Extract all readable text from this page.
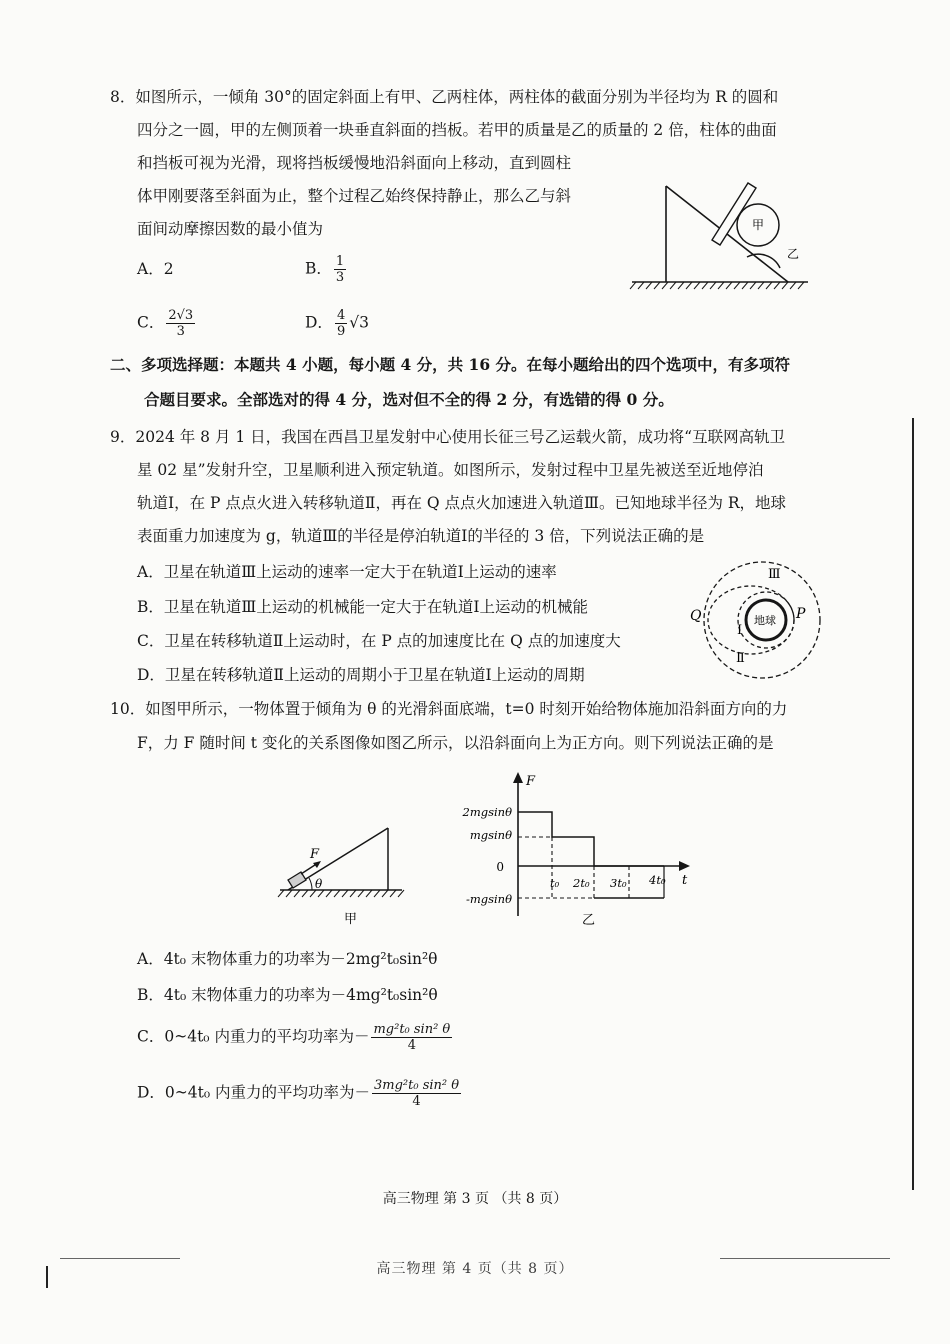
8．如图所示，一倾角 30°的固定斜面上有甲、乙两柱体，两柱体的截面分别为半径均为 R 的圆和
四分之一圆，甲的左侧顶着一块垂直斜面的挡板。若甲的质量是乙的质量的 2 倍，柱体的曲面
和挡板可视为光滑，现将挡板缓慢地沿斜面向上移动，直到圆柱
体甲刚要落至斜面为止，整个过程乙始终保持静止，那么乙与斜
面间动摩擦因数的最小值为
A．2	B． $\frac{1}{3}$
C． $\frac{2√3}{3}$	D． $\frac{4}{9} √3$
甲
乙
二、多项选择题：本题共 4 小题，每小题 4 分，共 16 分。在每小题给出的四个选项中，有多项符
合题目要求。全部选对的得 4 分，选对但不全的得 2 分，有选错的得 0 分。
9．2024 年 8 月 1 日，我国在西昌卫星发射中心使用长征三号乙运载火箭，成功将“互联网高轨卫
星 02 星”发射升空，卫星顺利进入预定轨道。如图所示，发射过程中卫星先被送至近地停泊
轨道Ⅰ，在 P 点点火进入转移轨道Ⅱ，再在 Q 点点火加速进入轨道Ⅲ。已知地球半径为 R，地球
表面重力加速度为 g，轨道Ⅲ的半径是停泊轨道Ⅰ的半径的 3 倍，下列说法正确的是
A．卫星在轨道Ⅲ上运动的速率一定大于在轨道Ⅰ上运动的速率
B．卫星在轨道Ⅲ上运动的机械能一定大于在轨道Ⅰ上运动的机械能
C．卫星在转移轨道Ⅱ上运动时，在 P 点的加速度比在 Q 点的加速度大
D．卫星在转移轨道Ⅱ上运动的周期小于卫星在轨道Ⅰ上运动的周期
地球
Ⅰ
Ⅱ
Ⅲ
P
Q
10．如图甲所示，一物体置于倾角为 θ 的光滑斜面底端，t=0 时刻开始给物体施加沿斜面方向的力
F，力 F 随时间 t 变化的关系图像如图乙所示，以沿斜面向上为正方向。则下列说法正确的是
F
θ
甲
F
t
2mgsinθ
mgsinθ
0
-mgsinθ
t₀ 2t₀ 3t₀ 4t₀
乙
A．4t₀ 末物体重力的功率为－2mg²t₀sin²θ
B．4t₀ 末物体重力的功率为－4mg²t₀sin²θ
C．0~4t₀ 内重力的平均功率为－ $\frac{\text{mg²t₀ sin² θ}}{4}$
D．0~4t₀ 内重力的平均功率为－ $\frac{\text{3mg²t₀ sin² θ}}{4}$
高三物理 第 3 页 （共 8 页）
高三物理 第 4 页（共 8 页）
